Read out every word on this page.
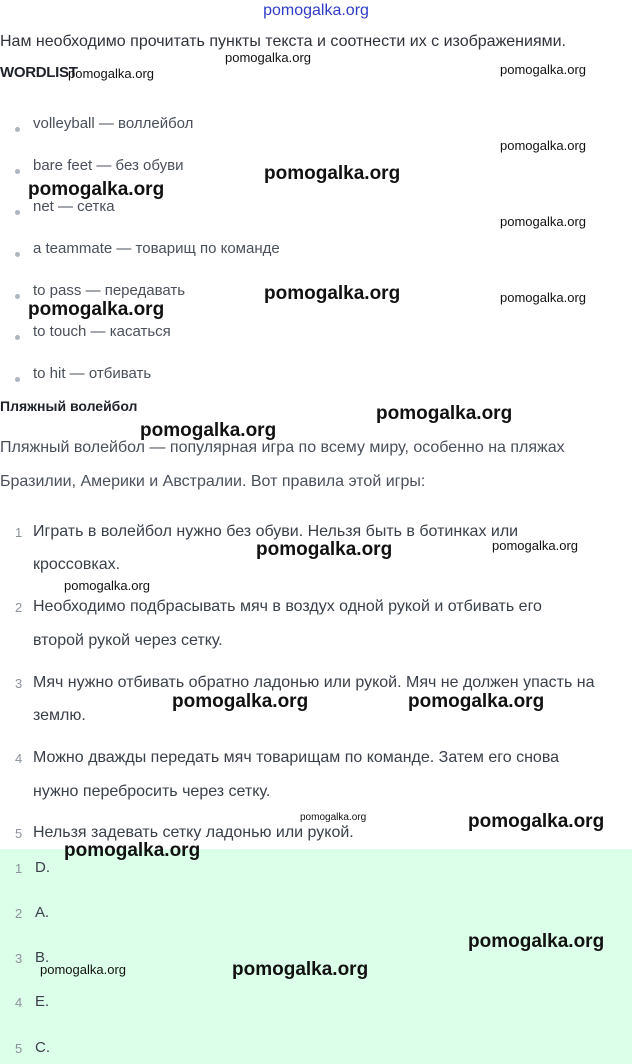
pomogalka.org
Нам необходимо прочитать пункты текста и соотнести их с изображениями.
WORDLIST
volleyball — воллейбол
bare feet — без обуви
net — сетка
a teammate — товарищ по команде
to pass — передавать
to touch — касаться
to hit — отбивать
Пляжный волейбол
Пляжный волейбол — популярная игра по всему миру, особенно на пляжах
Бразилии, Америки и Австралии. Вот правила этой игры:
1 Играть в волейбол нужно без обуви. Нельзя быть в ботинках или
кроссовках.
2 Необходимо подбрасывать мяч в воздух одной рукой и отбивать его
второй рукой через сетку.
3 Мяч нужно отбивать обратно ладонью или рукой. Мяч не должен упасть на
землю.
4 Можно дважды передать мяч товарищам по команде. Затем его снова
нужно перебросить через сетку.
5 Нельзя задевать сетку ладонью или рукой.
1 D.
2 A.
3 B.
4 E.
5 C.
pomogalka.org
pomogalka.org
pomogalka.org
pomogalka.org
pomogalka.org
pomogalka.org
pomogalka.org
pomogalka.org	pomogalka.org
pomogalka.org
pomogalka.org
pomogalka.org
pomogalka.org	pomogalka.org
pomogalka.org
pomogalka.org	pomogalka.org
pomogalka.org	pomogalka.org
pomogalka.org
pomogalka.org
pomogalka.org	pomogalka.org
